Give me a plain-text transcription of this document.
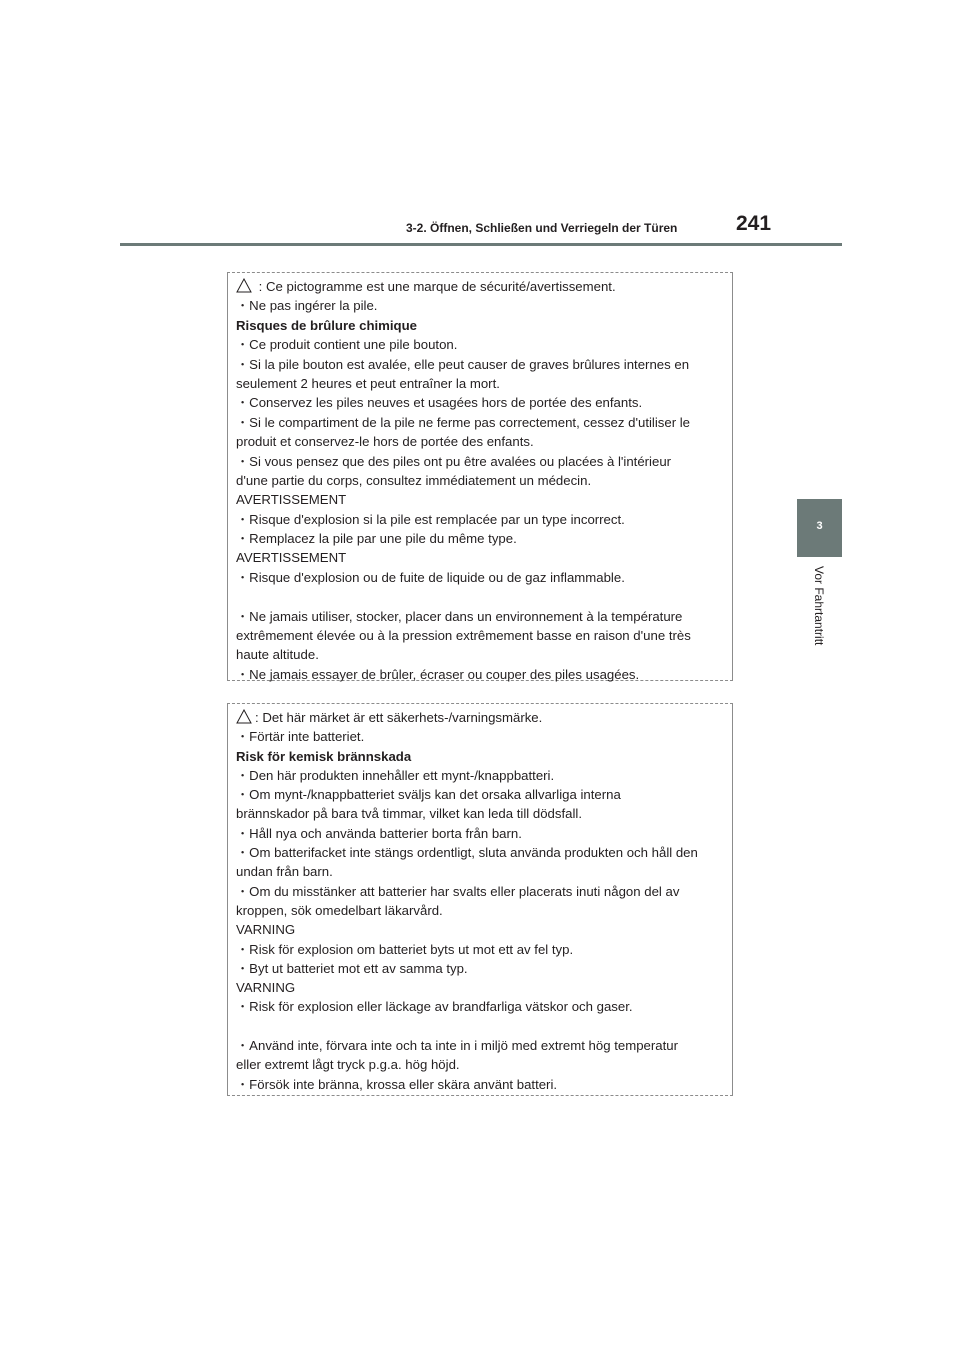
3-2. Öffnen, Schließen und Verriegeln der Türen	241
3
Vor Fahrtantritt
: Ce pictogramme est une marque de sécurité/avertissement.
・Ne pas ingérer la pile.
Risques de brûlure chimique
・Ce produit contient une pile bouton.
・Si la pile bouton est avalée, elle peut causer de graves brûlures internes en
seulement 2 heures et peut entraîner la mort.
・Conservez les piles neuves et usagées hors de portée des enfants.
・Si le compartiment de la pile ne ferme pas correctement, cessez d'utiliser le
produit et conservez-le hors de portée des enfants.
・Si vous pensez que des piles ont pu être avalées ou placées à l'intérieur
d'une partie du corps, consultez immédiatement un médecin.
AVERTISSEMENT
・Risque d'explosion si la pile est remplacée par un type incorrect.
・Remplacez la pile par une pile du même type.
AVERTISSEMENT
・Risque d'explosion ou de fuite de liquide ou de gaz inflammable.
・Ne jamais utiliser, stocker, placer dans un environnement à la température
extrêmement élevée ou à la pression extrêmement basse en raison d'une très
haute altitude.
・Ne jamais essayer de brûler, écraser ou couper des piles usagées.
: Det här märket är ett säkerhets-/varningsmärke.
・Förtär inte batteriet.
Risk för kemisk brännskada
・Den här produkten innehåller ett mynt-/knappbatteri.
・Om mynt-/knappbatteriet sväljs kan det orsaka allvarliga interna
brännskador på bara två timmar, vilket kan leda till dödsfall.
・Håll nya och använda batterier borta från barn.
・Om batterifacket inte stängs ordentligt, sluta använda produkten och håll den
undan från barn.
・Om du misstänker att batterier har svalts eller placerats inuti någon del av
kroppen, sök omedelbart läkarvård.
VARNING
・Risk för explosion om batteriet byts ut mot ett av fel typ.
・Byt ut batteriet mot ett av samma typ.
VARNING
・Risk för explosion eller läckage av brandfarliga vätskor och gaser.
・Använd inte, förvara inte och ta inte in i miljö med extremt hög temperatur
eller extremt lågt tryck p.g.a. hög höjd.
・Försök inte bränna, krossa eller skära använt batteri.
